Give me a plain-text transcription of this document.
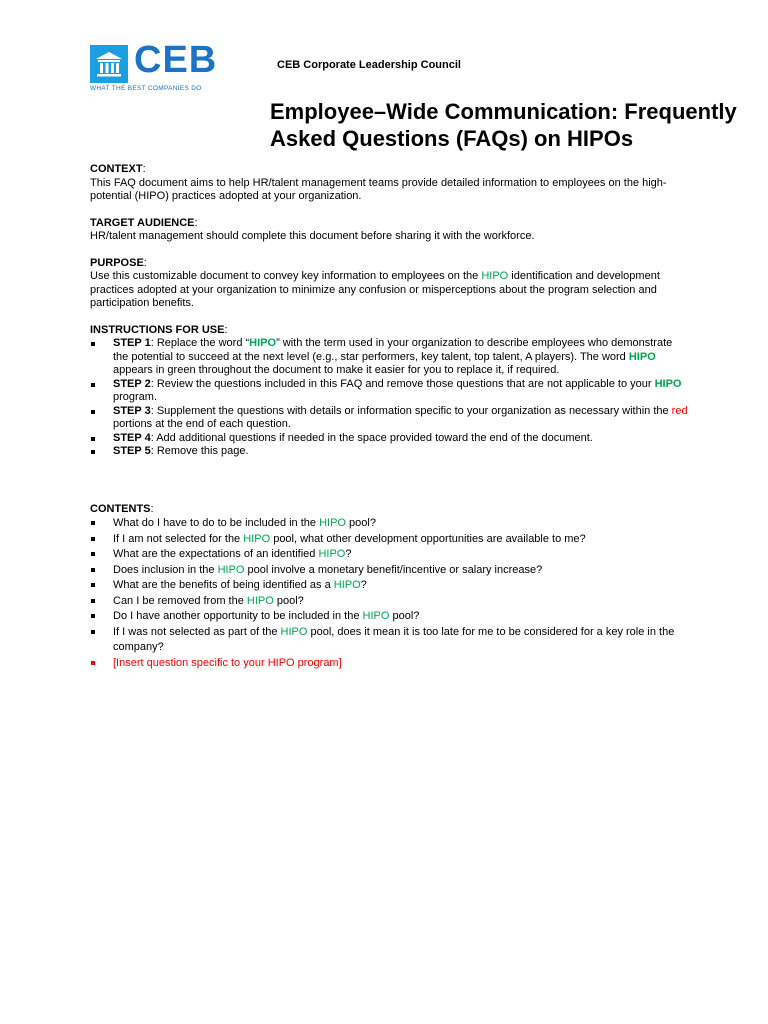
CEB
WHAT THE BEST COMPANIES DO
CEB Corporate Leadership Council
Employee–Wide Communication: Frequently Asked Questions (FAQs) on HIPOs
CONTEXT:
This FAQ document aims to help HR/talent management teams provide detailed information to employees on the high-potential (HIPO) practices adopted at your organization.
TARGET AUDIENCE:
HR/talent management should complete this document before sharing it with the workforce.
PURPOSE:
Use this customizable document to convey key information to employees on the HIPO identification and development practices adopted at your organization to minimize any confusion or misperceptions about the program selection and participation benefits.
INSTRUCTIONS FOR USE:
STEP 1: Replace the word “HIPO” with the term used in your organization to describe employees who demonstrate the potential to succeed at the next level (e.g., star performers, key talent, top talent, A players). The word HIPO appears in green throughout the document to make it easier for you to replace it, if required.
STEP 2: Review the questions included in this FAQ and remove those questions that are not applicable to your HIPO program.
STEP 3: Supplement the questions with details or information specific to your organization as necessary within the red portions at the end of each question.
STEP 4: Add additional questions if needed in the space provided toward the end of the document.
STEP 5: Remove this page.
CONTENTS:
What do I have to do to be included in the HIPO pool?
If I am not selected for the HIPO pool, what other development opportunities are available to me?
What are the expectations of an identified HIPO?
Does inclusion in the HIPO pool involve a monetary benefit/incentive or salary increase?
What are the benefits of being identified as a HIPO?
Can I be removed from the HIPO pool?
Do I have another opportunity to be included in the HIPO pool?
If I was not selected as part of the HIPO pool, does it mean it is too late for me to be considered for a key role in the company?
[Insert question specific to your HIPO program]
